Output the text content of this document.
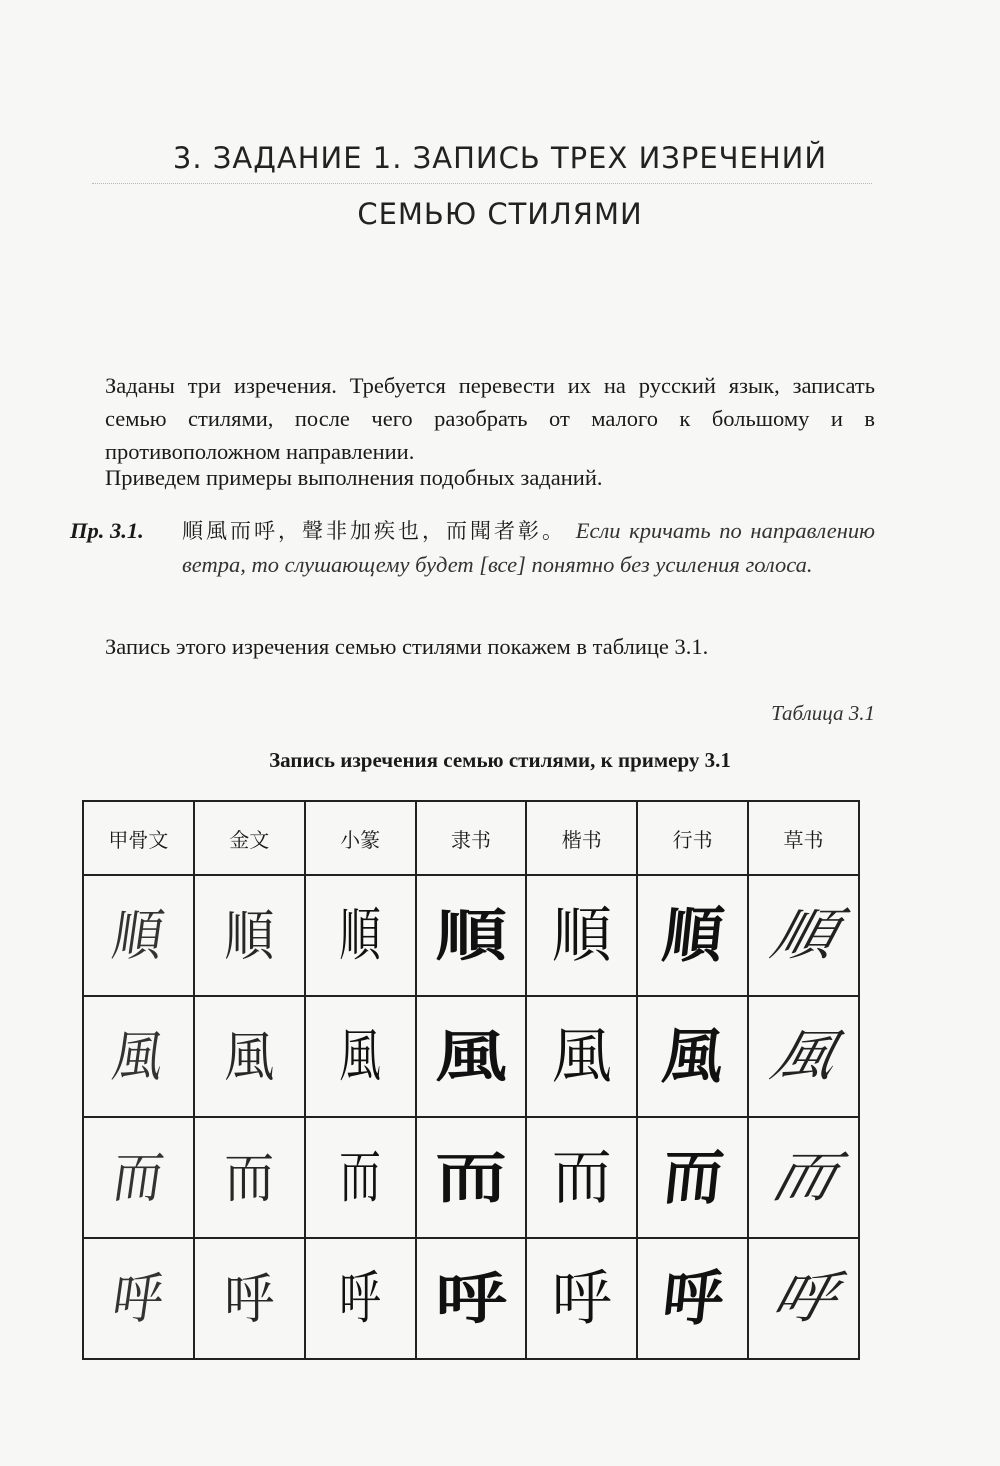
3. ЗАДАНИЕ 1. ЗАПИСЬ ТРЕХ ИЗРЕЧЕНИЙ
СЕМЬЮ СТИЛЯМИ
Заданы три изречения. Требуется перевести их на русский язык, записать семью стилями, после чего разобрать от малого к большому и в противоположном направлении.
Приведем примеры выполнения подобных заданий.
Пр. 3.1. 順風而呼，聲非加疾也，而聞者彰。 Если кричать по направлению ветра, то слушающему будет [все] понятно без усиления голоса.
Запись этого изречения семью стилями покажем в таблице 3.1.
Таблица 3.1
Запись изречения семью стилями, к примеру 3.1
甲骨文	金文	小篆	隶书	楷书	行书	草书
順	順	順	順	順	順	順
風	風	風	風	風	風	風
而	而	而	而	而	而	而
呼	呼	呼	呼	呼	呼	呼
